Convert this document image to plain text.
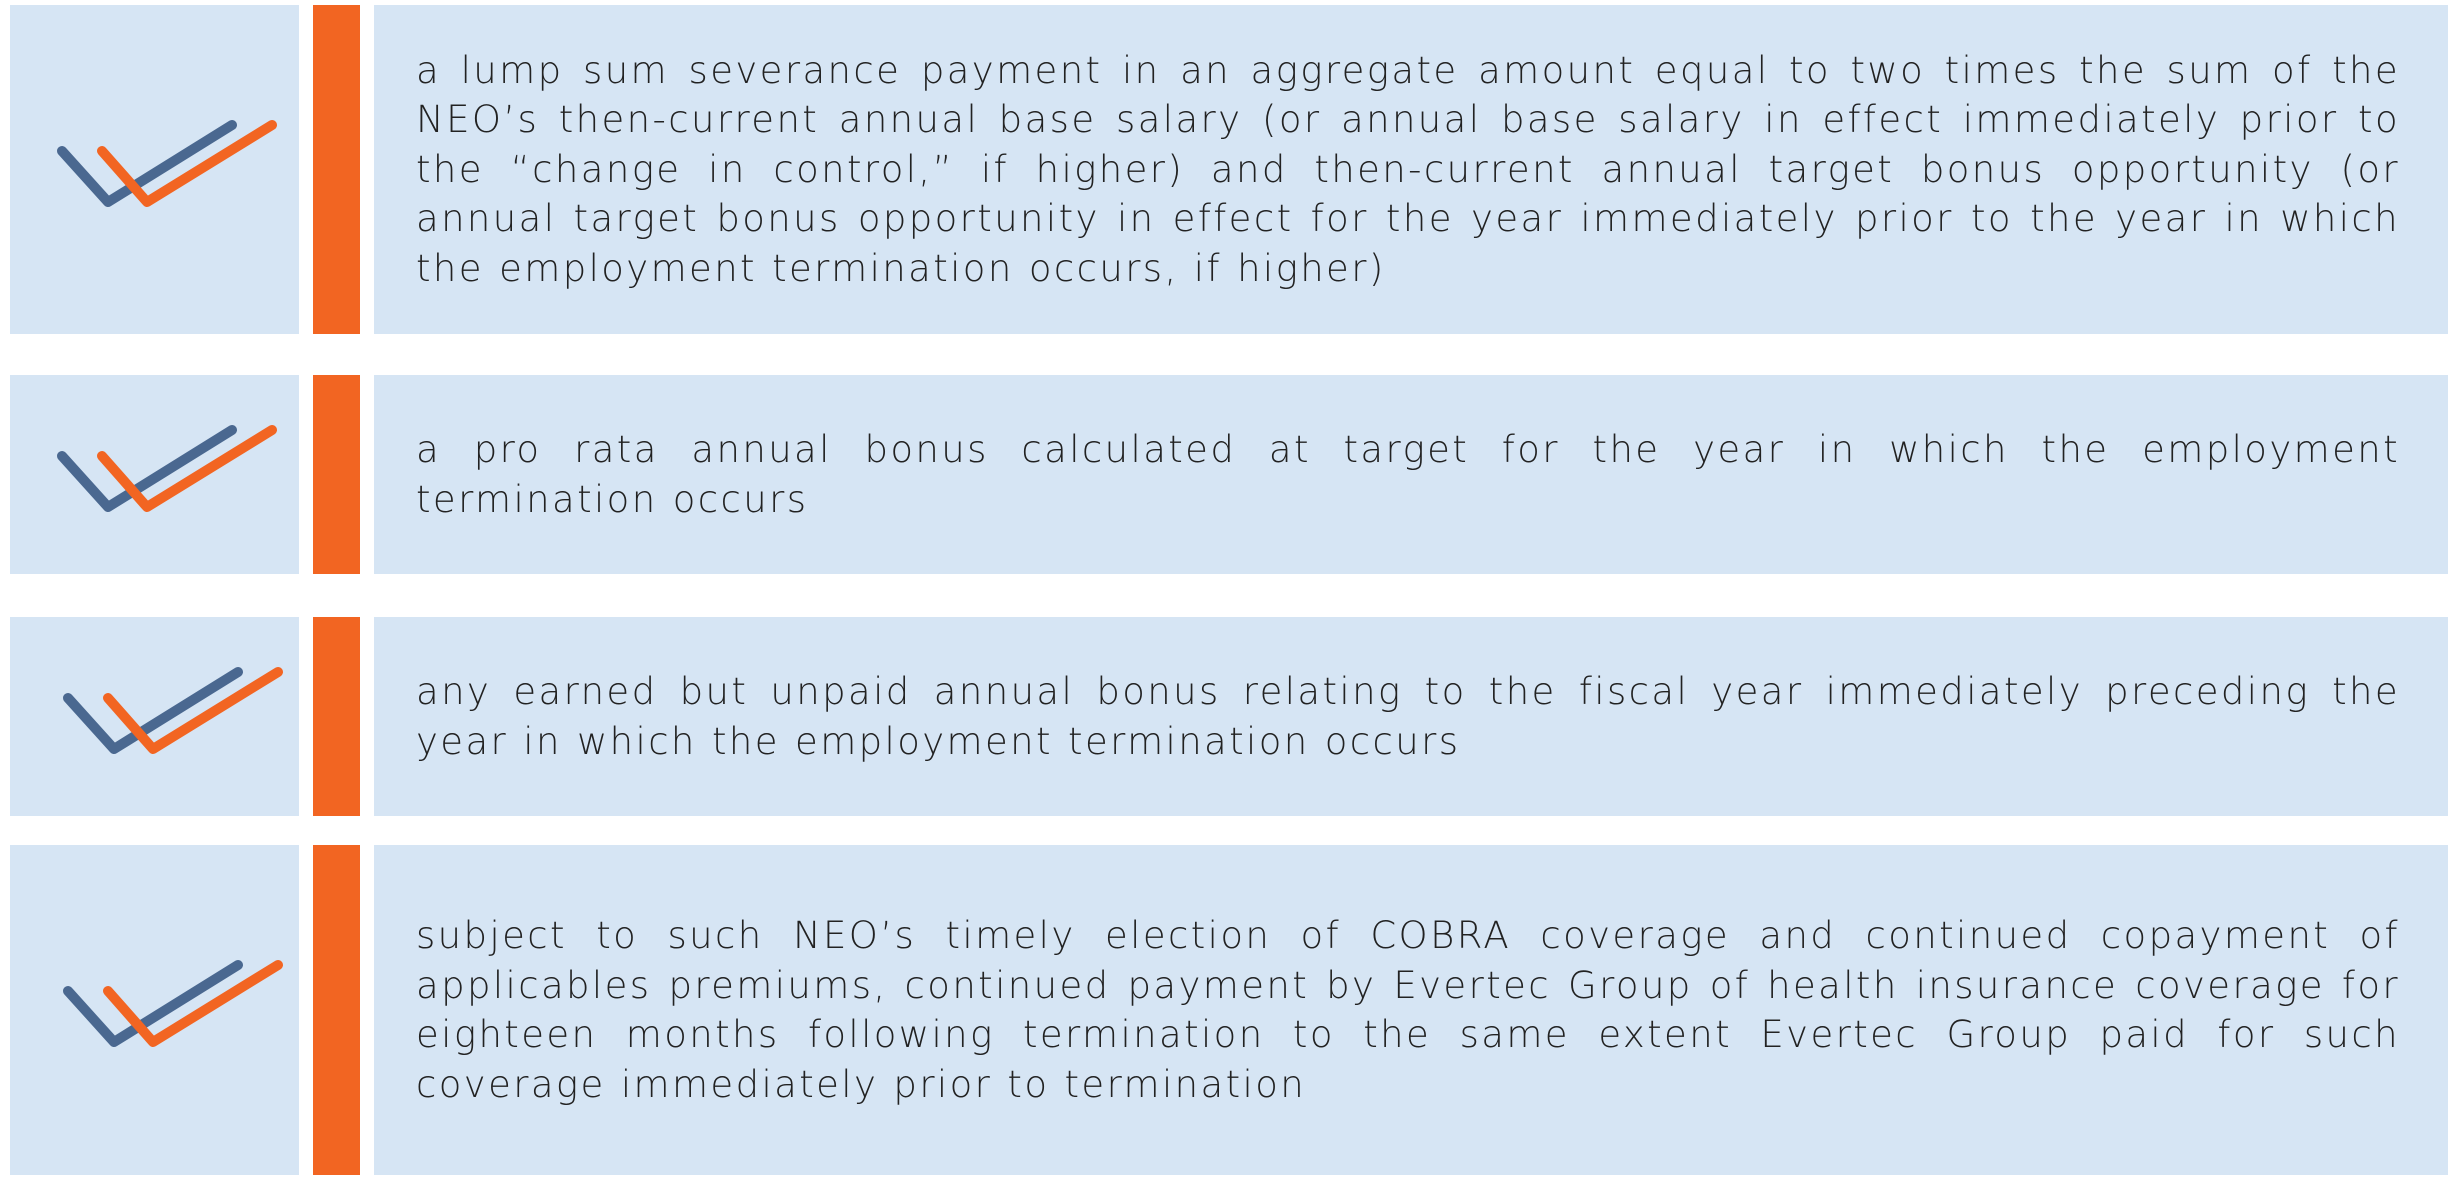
a lump sum severance payment in an aggregate amount equal to two times the sum of the NEO’s then-current annual base salary (or annual base salary in effect immediately prior to the “change in control,” if higher) and then-current annual target bonus opportunity (or annual target bonus opportunity in effect for the year immediately prior to the year in which the employment termination occurs, if higher)

a pro rata annual bonus calculated at target for the year in which the employment termination occurs

any earned but unpaid annual bonus relating to the fiscal year immediately preceding the year in which the employment termination occurs

subject to such NEO’s timely election of COBRA coverage and continued copayment of applicables premiums, continued payment by Evertec Group of health insurance coverage for eighteen months following termination to the same extent Evertec Group paid for such coverage immediately prior to termination
